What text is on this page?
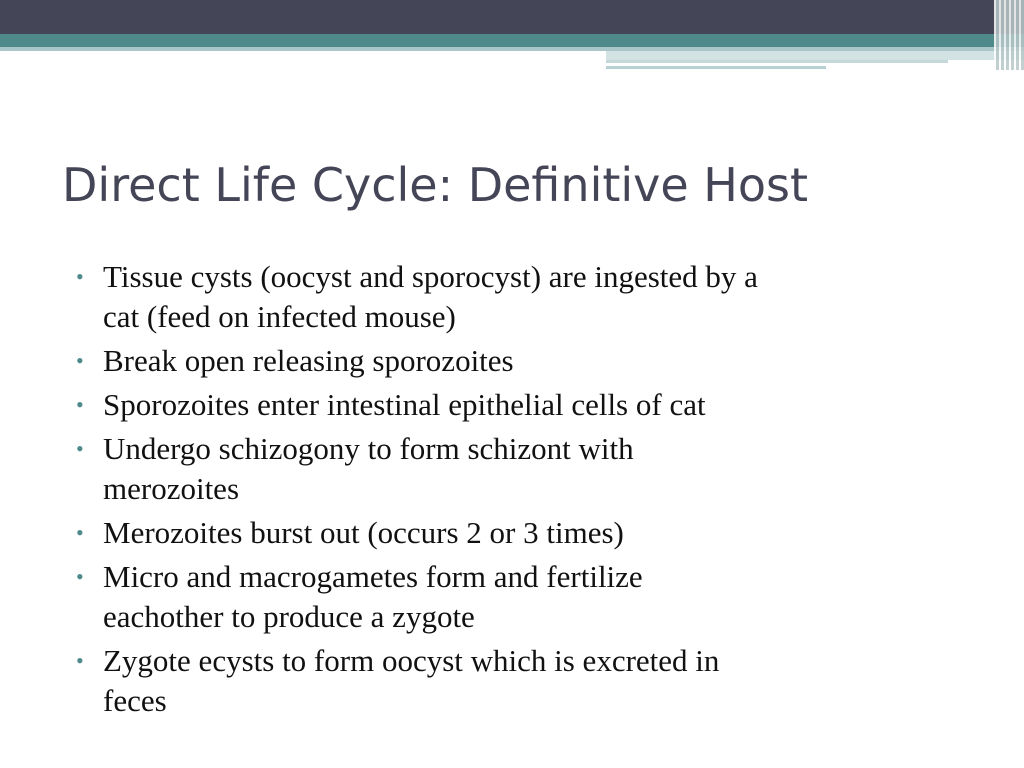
Direct Life Cycle: Definitive Host
• Tissue cysts (oocyst and sporocyst) are ingested by a
cat (feed on infected mouse)
• Break open releasing sporozoites
• Sporozoites enter intestinal epithelial cells of cat
• Undergo schizogony to form schizont with
merozoites
• Merozoites burst out (occurs 2 or 3 times)
• Micro and macrogametes form and fertilize
eachother to produce a zygote
• Zygote ecysts to form oocyst which is excreted in
feces
